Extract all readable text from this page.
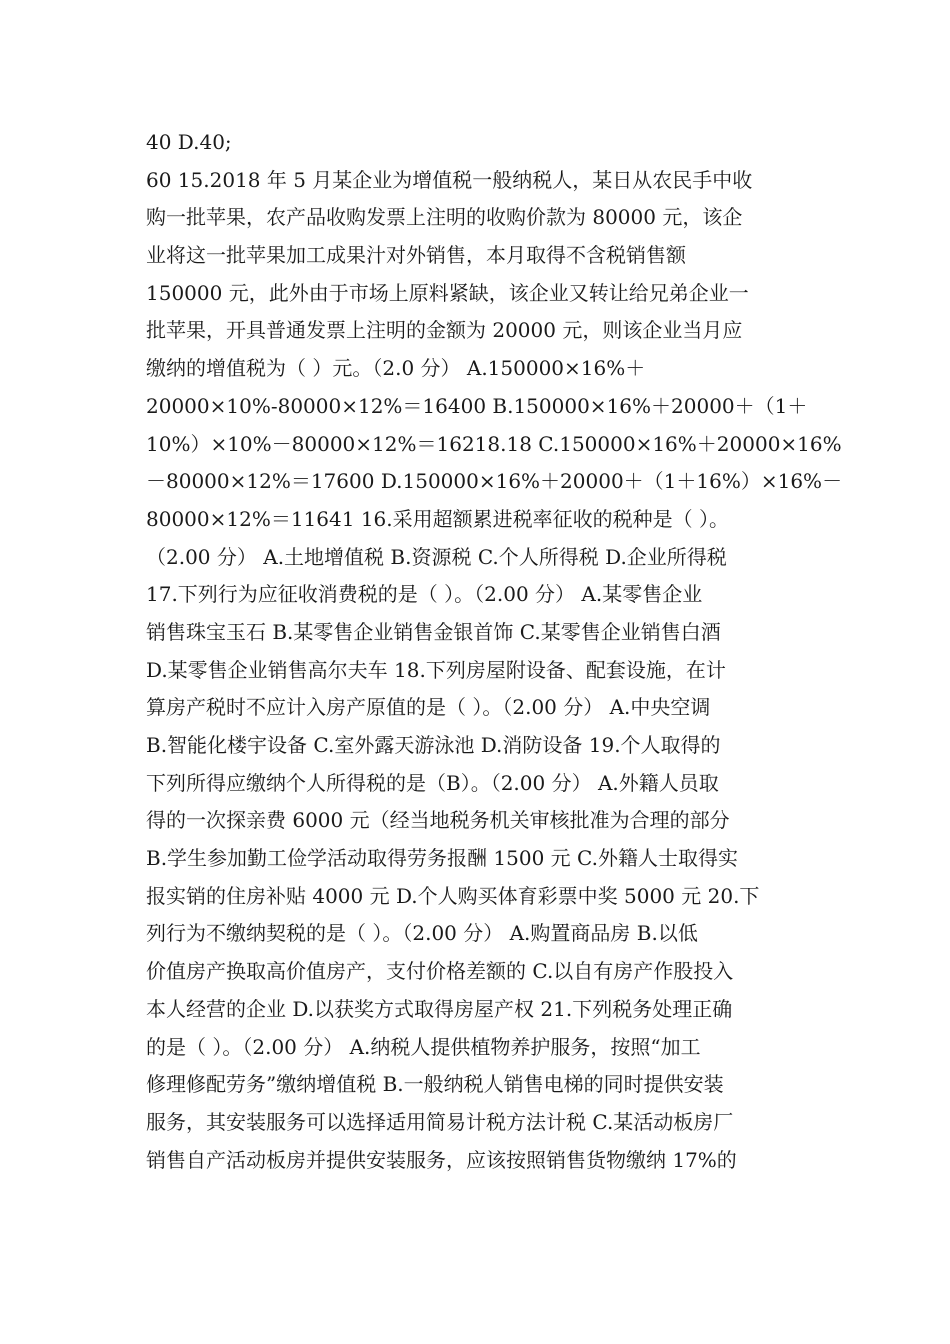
40 D.40;
60 15.2018 年 5 月某企业为增值税一般纳税人，某日从农民手中收
购一批苹果，农产品收购发票上注明的收购价款为 80000 元，该企
业将这一批苹果加工成果汁对外销售，本月取得不含税销售额
150000 元，此外由于市场上原料紧缺，该企业又转让给兄弟企业一
批苹果，开具普通发票上注明的金额为 20000 元，则该企业当月应
缴纳的增值税为（ ）元。（2.0 分） A.150000×16%＋
20000×10%-80000×12%＝16400 B.150000×16%＋20000＋（1＋
10%）×10%－80000×12%＝16218.18 C.150000×16%＋20000×16%
－80000×12%＝17600 D.150000×16%＋20000＋（1＋16%）×16%－
80000×12%＝11641 16.采用超额累进税率征收的税种是（ ）。
（2.00 分） A.土地增值税 B.资源税 C.个人所得税 D.企业所得税
17.下列行为应征收消费税的是（ ）。（2.00 分） A.某零售企业
销售珠宝玉石 B.某零售企业销售金银首饰 C.某零售企业销售白酒
D.某零售企业销售高尔夫车 18.下列房屋附设备、配套设施，在计
算房产税时不应计入房产原值的是（ ）。（2.00 分） A.中央空调
B.智能化楼宇设备 C.室外露天游泳池 D.消防设备 19.个人取得的
下列所得应缴纳个人所得税的是（B）。（2.00 分） A.外籍人员取
得的一次探亲费 6000 元（经当地税务机关审核批准为合理的部分
B.学生参加勤工俭学活动取得劳务报酬 1500 元 C.外籍人士取得实
报实销的住房补贴 4000 元 D.个人购买体育彩票中奖 5000 元 20.下
列行为不缴纳契税的是（ ）。（2.00 分） A.购置商品房 B.以低
价值房产换取高价值房产，支付价格差额的 C.以自有房产作股投入
本人经营的企业 D.以获奖方式取得房屋产权 21.下列税务处理正确
的是（ ）。（2.00 分） A.纳税人提供植物养护服务，按照“加工
修理修配劳务”缴纳增值税 B.一般纳税人销售电梯的同时提供安装
服务，其安装服务可以选择适用简易计税方法计税 C.某活动板房厂
销售自产活动板房并提供安装服务，应该按照销售货物缴纳 17%的
